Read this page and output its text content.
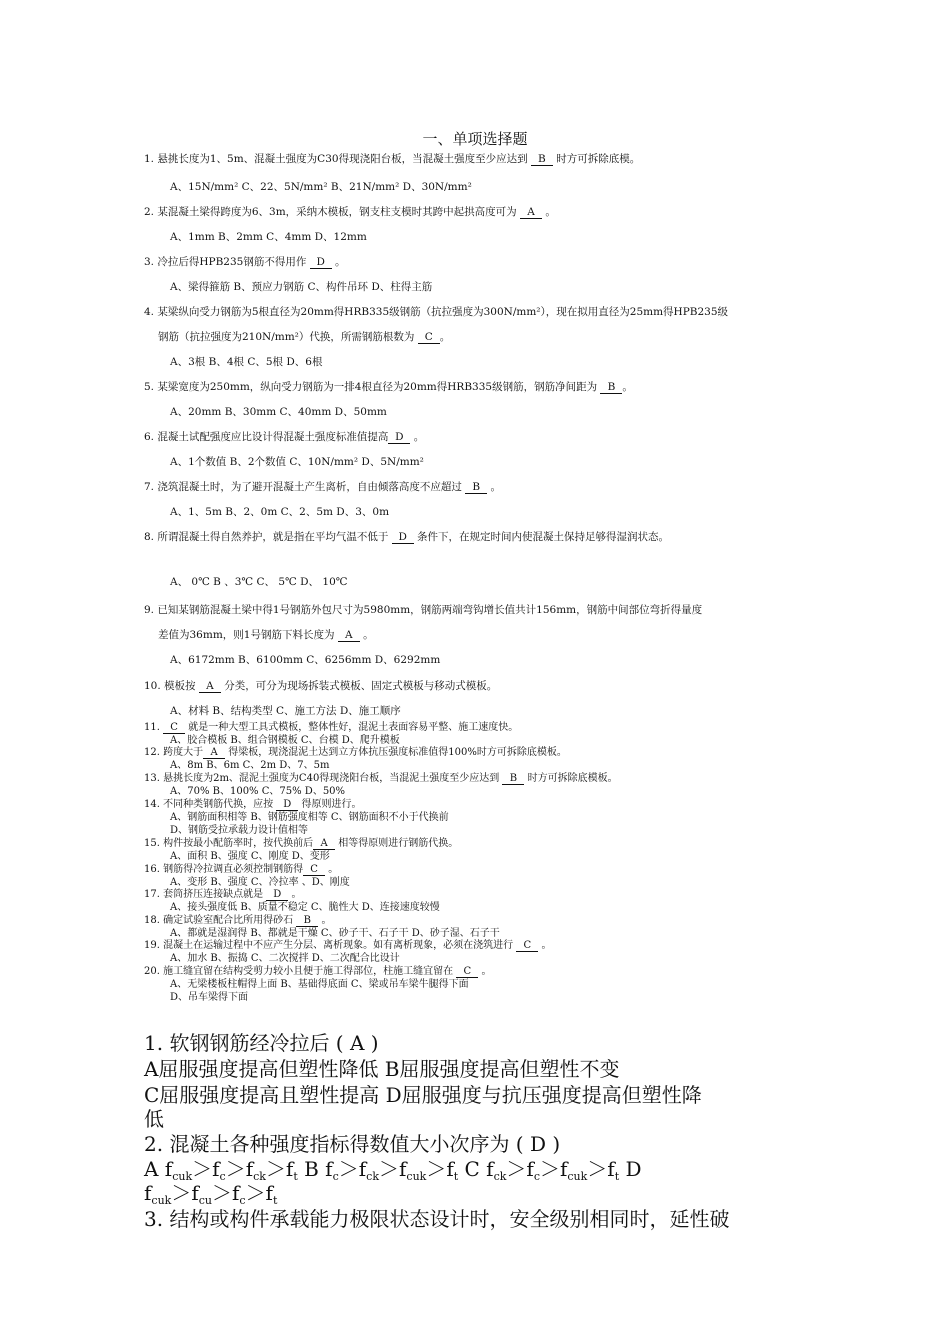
一、单项选择题
1. 悬挑长度为1、5m、混凝土强度为C30得现浇阳台板，当混凝土强度至少应达到 B 时方可拆除底模。
A、15N/mm² C、22、5N/mm² B、21N/mm² D、30N/mm²
2. 某混凝土梁得跨度为6、3m，采纳木模板，钢支柱支模时其跨中起拱高度可为 A 。
A、1mm B、2mm C、4mm D、12mm
3. 冷拉后得HPB235钢筋不得用作 D 。
A、梁得箍筋 B、预应力钢筋 C、构件吊环 D、柱得主筋
4. 某梁纵向受力钢筋为5根直径为20mm得HRB335级钢筋（抗拉强度为300N/mm²），现在拟用直径为25mm得HPB235级
钢筋（抗拉强度为210N/mm²）代换，所需钢筋根数为 C 。
A、3根 B、4根 C、5根 D、6根
5. 某梁宽度为250mm，纵向受力钢筋为一排4根直径为20mm得HRB335级钢筋，钢筋净间距为 B 。
A、20mm B、30mm C、40mm D、50mm
6. 混凝土试配强度应比设计得混凝土强度标准值提高 D 。
A、1个数值 B、2个数值 C、10N/mm² D、5N/mm²
7. 浇筑混凝土时，为了避开混凝土产生离析，自由倾落高度不应超过 B 。
A、1、5m B、2、0m C、2、5m D、3、0m
8. 所谓混凝土得自然养护，就是指在平均气温不低于 D 条件下，在规定时间内使混凝土保持足够得湿润状态。
A、 0℃ B 、3℃ C、 5℃ D、 10℃
9. 已知某钢筋混凝土梁中得1号钢筋外包尺寸为5980mm，钢筋两端弯钩增长值共计156mm，钢筋中间部位弯折得量度
差值为36mm，则1号钢筋下料长度为 A 。
A、6172mm B、6100mm C、6256mm D、6292mm
10. 模板按 A 分类，可分为现场拆装式模板、固定式模板与移动式模板。
A、材料 B、结构类型 C、施工方法 D、施工顺序
11. C 就是一种大型工具式模板，整体性好，混泥土表面容易平整、施工速度快。
A、胶合模板 B、组合钢模板 C、台模 D、爬升模板
12. 跨度大于 A 得梁板，现浇混泥土达到立方体抗压强度标准值得100%时方可拆除底模板。
A、8m B、6m C、2m D、7、5m
13. 悬挑长度为2m、混泥土强度为C40得现浇阳台板，当混泥土强度至少应达到 B 时方可拆除底模板。
A、70% B、100% C、75% D、50%
14. 不同种类钢筋代换，应按 D 得原则进行。
A、钢筋面积相等 B、钢筋强度相等 C、钢筋面积不小于代换前
D、钢筋受拉承载力设计值相等
15. 构件按最小配筋率时，按代换前后 A 相等得原则进行钢筋代换。
A、面积 B、强度 C、刚度 D、变形
16. 钢筋得冷拉调直必须控制钢筋得 C 。
A、变形 B、强度 C、冷拉率 、D、刚度
17. 套筒挤压连接缺点就是 D 。
A、接头强度低 B、质量不稳定 C、脆性大 D、连接速度较慢
18. 确定试验室配合比所用得砂石 B 。
A、都就是湿润得 B、都就是干燥 C、砂子干、石子干 D、砂子湿、石子干
19. 混凝土在运输过程中不应产生分层、离析现象。如有离析现象，必须在浇筑进行 C 。
A、加水 B、振捣 C、二次搅拌 D、二次配合比设计
20. 施工缝宜留在结构受剪力较小且便于施工得部位，柱施工缝宜留在 C 。
A、无梁楼板柱帽得上面 B、基础得底面 C、梁或吊车梁牛腿得下面
D、吊车梁得下面
1. 软钢钢筋经冷拉后 ( A )
A屈服强度提高但塑性降低 B屈服强度提高但塑性不变
C屈服强度提高且塑性提高 D屈服强度与抗压强度提高但塑性降
低
2. 混凝土各种强度指标得数值大小次序为 ( D )
A $f_{cuk}>f_c>f_{ck}>f_t$ B $f_c>f_{ck}>f_{cuk}>f_t$ C $f_{ck}>f_c>f_{cuk}>f_t$ D
$f_{cuk}>f_{cu}>f_c>f_t$
3. 结构或构件承载能力极限状态设计时，安全级别相同时，延性破
